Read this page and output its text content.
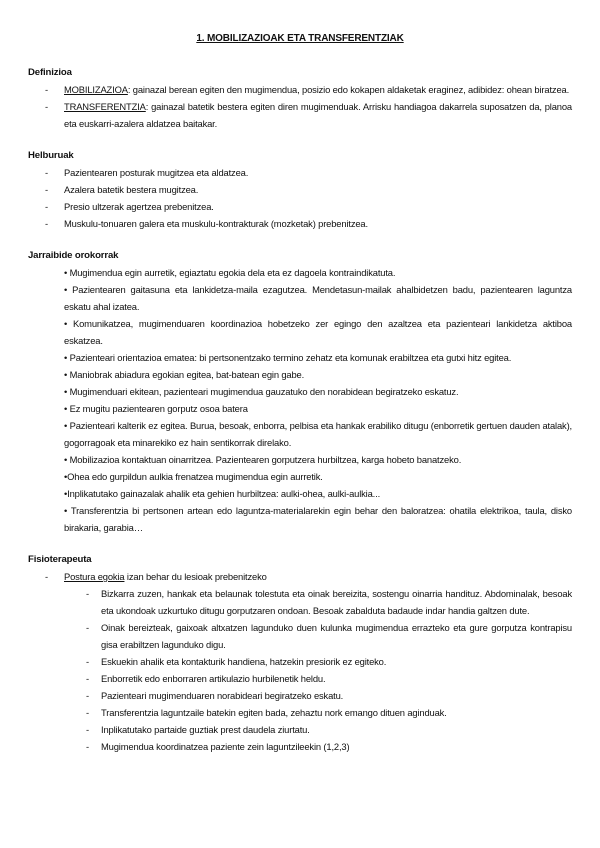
1. MOBILIZAZIOAK ETA TRANSFERENTZIAK
Definizioa
- MOBILIZAZIOA: gainazal berean egiten den mugimendua, posizio edo kokapen aldaketak eraginez, adibidez: ohean biratzea.
- TRANSFERENTZIA: gainazal batetik bestera egiten diren mugimenduak. Arrisku handiagoa dakarrela suposatzen da, planoa eta euskarri-azalera aldatzea baitakar.
Helburuak
- Pazientearen posturak mugitzea eta aldatzea.
- Azalera batetik bestera mugitzea.
- Presio ultzerak agertzea prebenitzea.
- Muskulu-tonuaren galera eta muskulu-kontrakturak (mozketak) prebenitzea.
Jarraibide orokorrak
• Mugimendua egin aurretik, egiaztatu egokia dela eta ez dagoela kontraindikatuta.
• Pazientearen gaitasuna eta lankidetza-maila ezagutzea. Mendetasun-mailak ahalbidetzen badu, pazientearen laguntza eskatu ahal izatea.
• Komunikatzea, mugimenduaren koordinazioa hobetzeko zer egingo den azaltzea eta pazienteari lankidetza aktiboa eskatzea.
• Pazienteari orientazioa ematea: bi pertsonentzako termino zehatz eta komunak erabiltzea eta gutxi hitz egitea.
• Maniobrak abiadura egokian egitea, bat-batean egin gabe.
• Mugimenduari ekitean, pazienteari mugimendua gauzatuko den norabidean begiratzeko eskatuz.
• Ez mugitu pazientearen gorputz osoa batera
• Pazienteari kalterik ez egitea. Burua, besoak, enborra, pelbisa eta hankak erabiliko ditugu (enborretik gertuen dauden atalak), gogorragoak eta minarekiko ez hain sentikorrak direlako.
• Mobilizazioa kontaktuan oinarritzea. Pazientearen gorputzera hurbiltzea, karga hobeto banatzeko.
•Ohea edo gurpildun aulkia frenatzea mugimendua egin aurretik.
•Inplikatutako gainazalak ahalik eta gehien hurbiltzea: aulki-ohea, aulki-aulkia...
• Transferentzia bi pertsonen artean edo laguntza-materialarekin egin behar den baloratzea: ohatila elektrikoa, taula, disko birakaria, garabia…
Fisioterapeuta
- Postura egokia izan behar du lesioak prebenitzeko
- Bizkarra zuzen, hankak eta belaunak tolestuta eta oinak bereizita, sostengu oinarria handituz. Abdominalak, besoak eta ukondoak uzkurtuko ditugu gorputzaren ondoan. Besoak zabalduta badaude indar handia galtzen dute.
- Oinak bereizteak, gaixoak altxatzen lagunduko duen kulunka mugimendua errazteko eta gure gorputza kontrapisu gisa erabiltzen lagunduko digu.
- Eskuekin ahalik eta kontakturik handiena, hatzekin presiorik ez egiteko.
- Enborretik edo enborraren artikulazio hurbilenetik heldu.
- Pazienteari mugimenduaren norabideari begiratzeko eskatu.
- Transferentzia laguntzaile batekin egiten bada, zehaztu nork emango dituen aginduak.
- Inplikatutako partaide guztiak prest daudela ziurtatu.
- Mugimendua koordinatzea paziente zein laguntzileekin (1,2,3)
